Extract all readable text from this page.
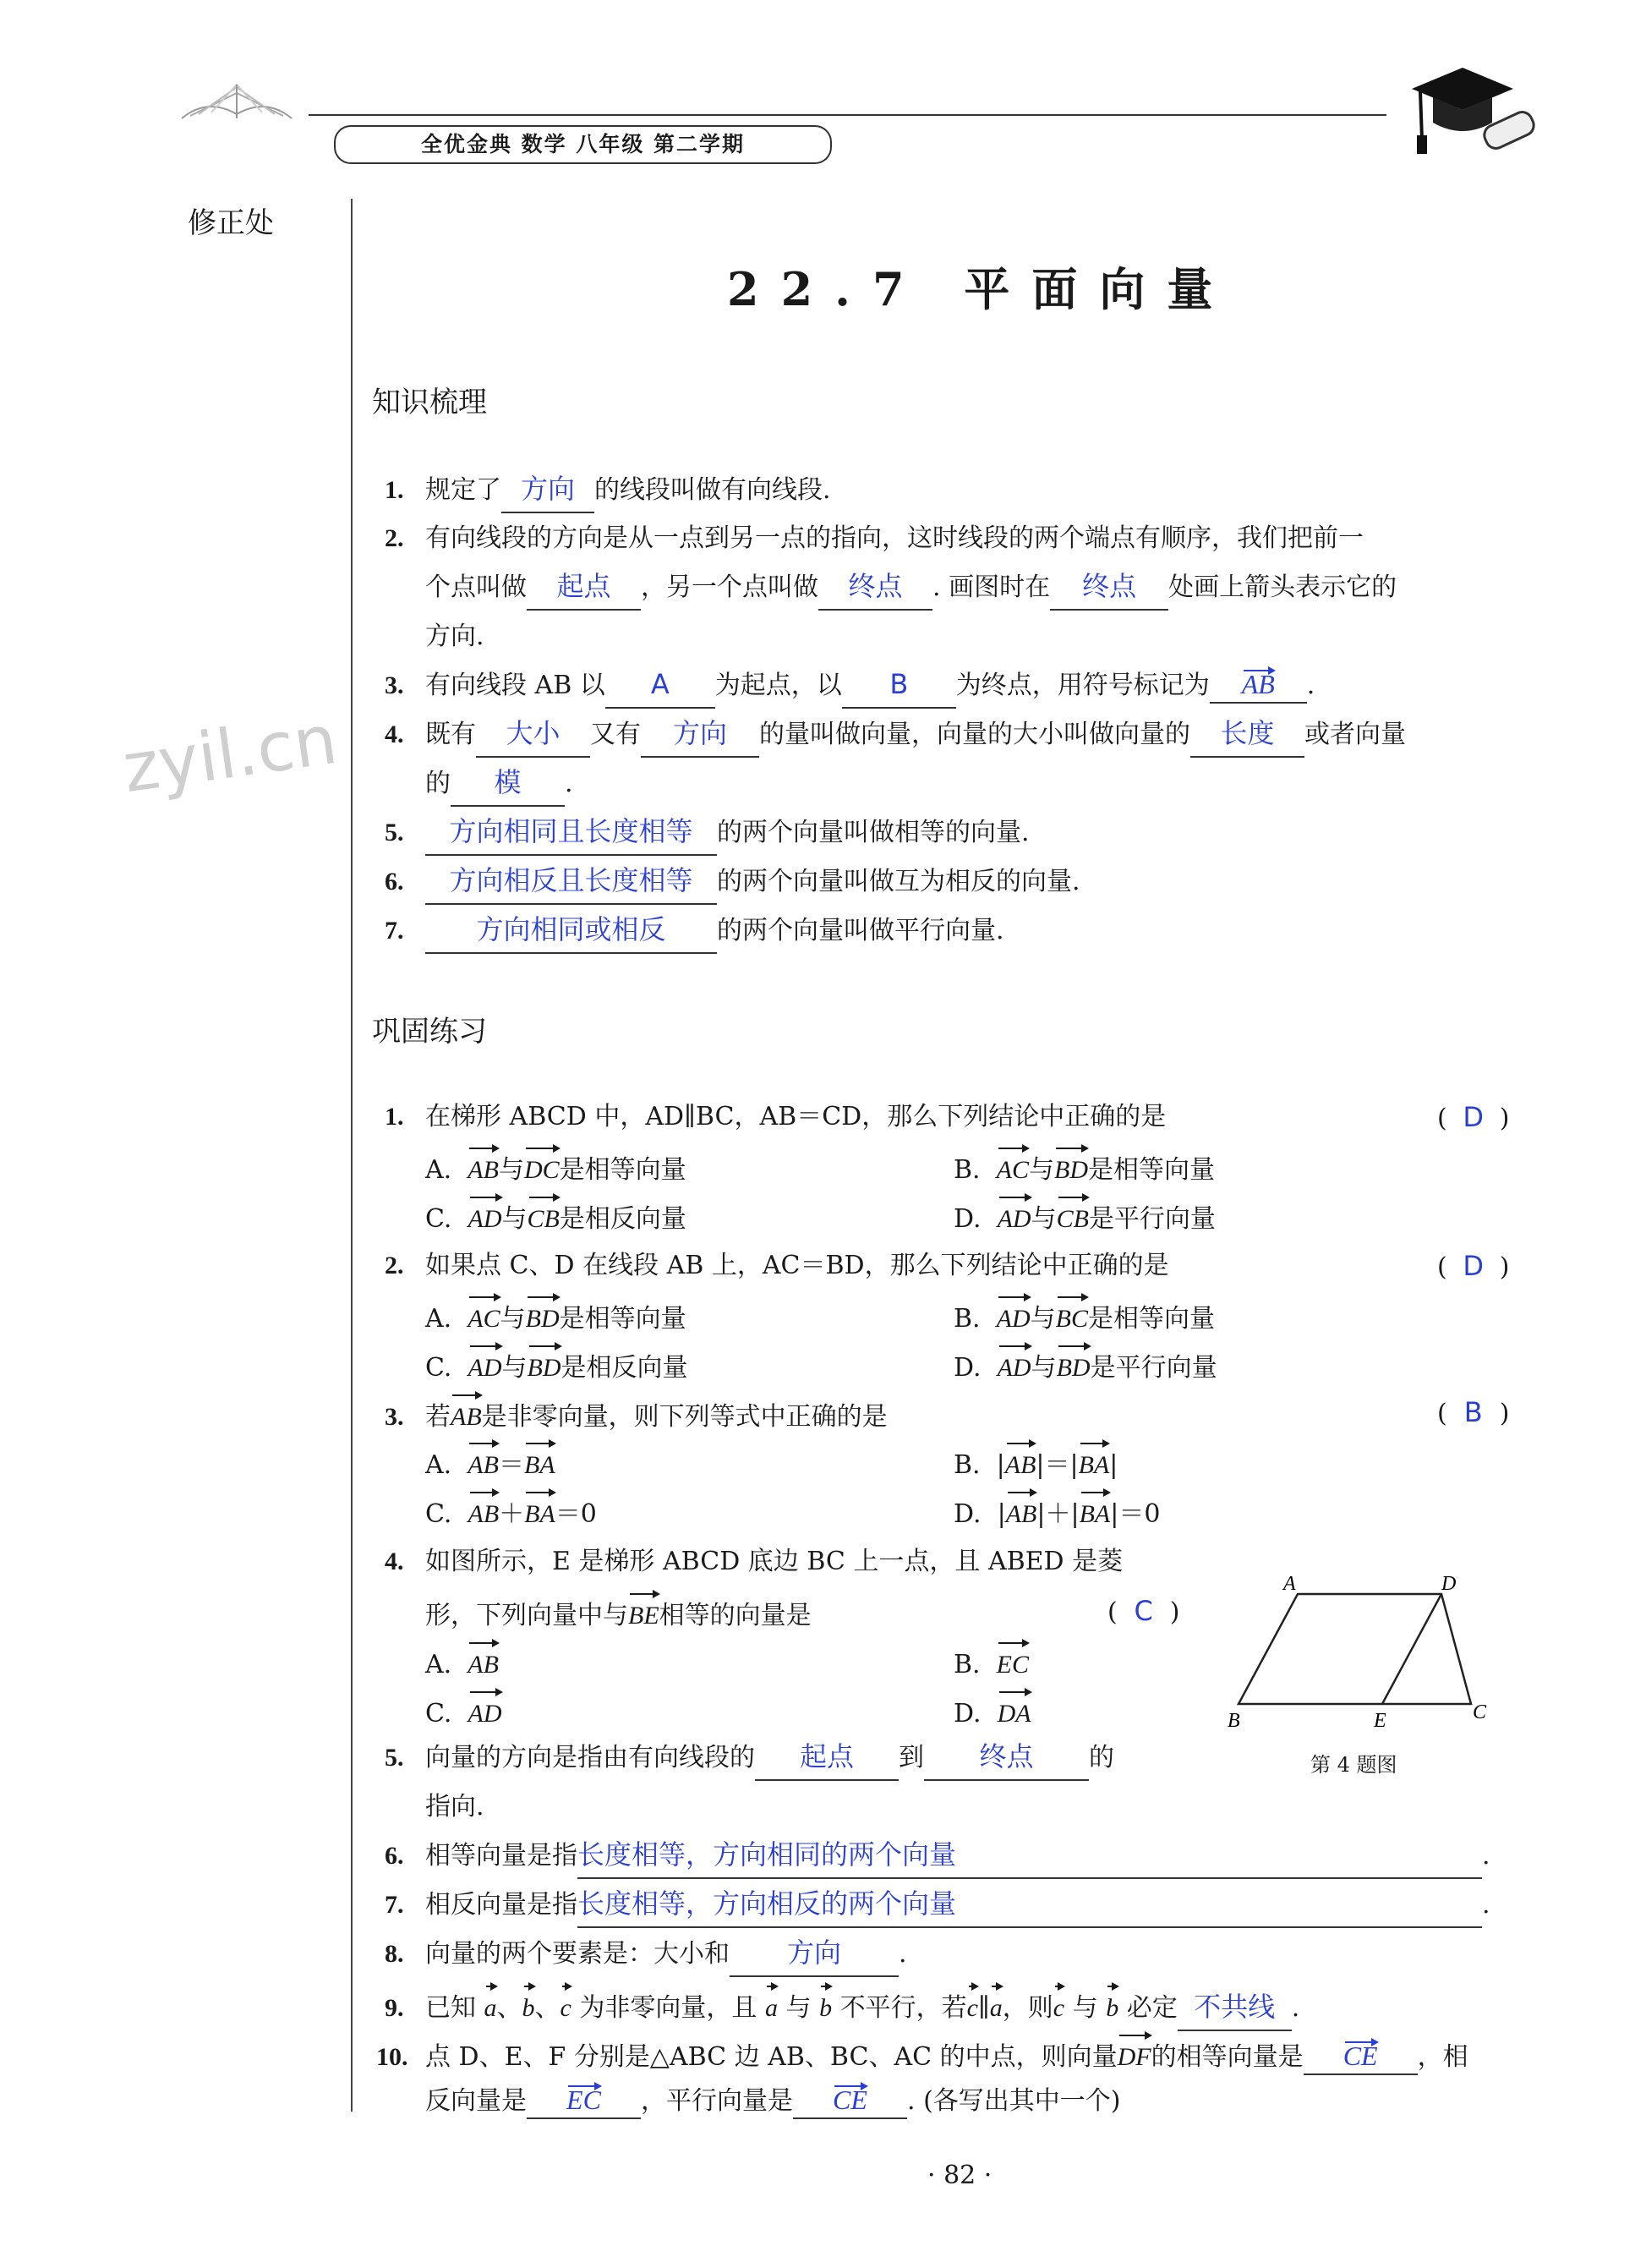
全优金典 数学 八年级 第二学期
修正处
zyil.cn
22.7 平面向量
知识梳理
1. 规定了 方向 的线段叫做有向线段.
2. 有向线段的方向是从一点到另一点的指向，这时线段的两个端点有顺序，我们把前一
个点叫做 起点 ，另一个点叫做 终点 . 画图时在 终点 处画上箭头表示它的
方向.
3. 有向线段 AB 以 A 为起点，以 B 为终点，用符号标记为 AB .
4. 既有 大小 又有 方向 的量叫做向量，向量的大小叫做向量的 长度 或者向量
的 模 .
5. 方向相同且长度相等 的两个向量叫做相等的向量.
6. 方向相反且长度相等 的两个向量叫做互为相反的向量.
7.	方向相同或相反 的两个向量叫做平行向量.
巩固练习
1. 在梯形 ABCD 中，AD∥BC，AB＝CD，那么下列结论中正确的是	( D )
A.  AB与DC是相等向量	B.  AC与BD是相等向量
C.  AD与CB是相反向量	D.  AD与CB是平行向量
2. 如果点 C、D 在线段 AB 上，AC＝BD，那么下列结论中正确的是	( D )
A.  AC与BD是相等向量	B.  AD与BC是相等向量
C.  AD与BD是相反向量	D.  AD与BD是平行向量
3. 若AB是非零向量，则下列等式中正确的是	( B )
A.  AB＝BA	B.  |AB|＝|BA|
C.  AB＋BA＝0	D.  |AB|＋|BA|＝0
4. 如图所示，E 是梯形 ABCD 底边 BC 上一点，且 ABED 是菱
形，下列向量中与BE相等的向量是	( C )
A.  AB	B.  EC
C.  AD	D.  DA
A	D
B	E	C
第 4 题图
5. 向量的方向是指由有向线段的 起点 到 终点 的
指向.
6. 相等向量是指长度相等，方向相同的两个向量	.
7. 相反向量是指长度相等，方向相反的两个向量	.
8. 向量的两个要素是：大小和 方向 .
9. 已知 a、b、c 为非零向量，且 a 与 b 不平行，若c∥a，则c 与 b 必定 不共线 .
10. 点 D、E、F 分别是△ABC 边 AB、BC、AC 的中点，则向量DF的相等向量是 CE ，相
反向量是 EC ，平行向量是 CE . (各写出其中一个)
· 82 ·
